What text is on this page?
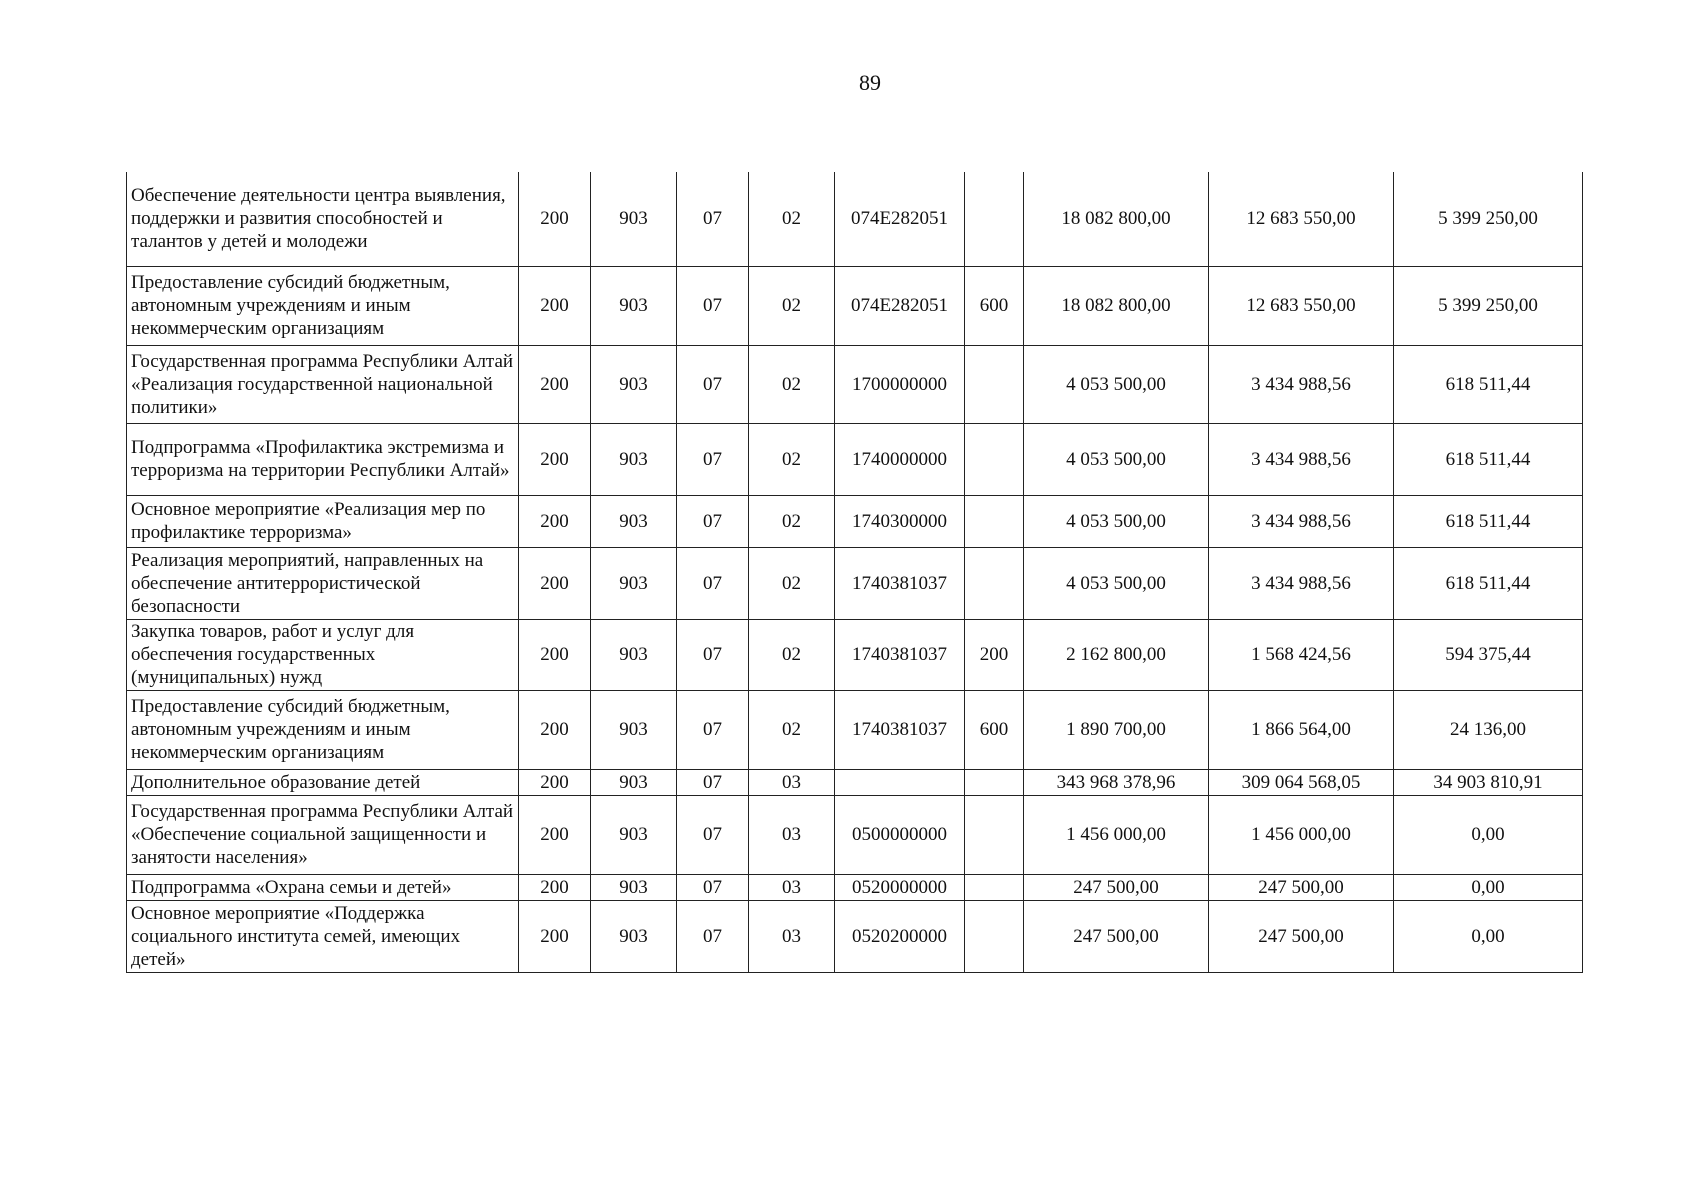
89
Обеспечение деятельности центра выявления, поддержки и развития способностей и талантов у детей и молодежи	200	903	07	02	074E282051		18 082 800,00	12 683 550,00	5 399 250,00
Предоставление субсидий бюджетным, автономным учреждениям и иным некоммерческим организациям	200	903	07	02	074E282051	600	18 082 800,00	12 683 550,00	5 399 250,00
Государственная программа Республики Алтай «Реализация государственной национальной политики»	200	903	07	02	1700000000		4 053 500,00	3 434 988,56	618 511,44
Подпрограмма «Профилактика экстремизма и терроризма на территории Республики Алтай»	200	903	07	02	1740000000		4 053 500,00	3 434 988,56	618 511,44
Основное мероприятие «Реализация мер по профилактике терроризма»	200	903	07	02	1740300000		4 053 500,00	3 434 988,56	618 511,44
Реализация мероприятий, направленных на обеспечение антитеррористической безопасности	200	903	07	02	1740381037		4 053 500,00	3 434 988,56	618 511,44
Закупка товаров, работ и услуг для обеспечения государственных (муниципальных) нужд	200	903	07	02	1740381037	200	2 162 800,00	1 568 424,56	594 375,44
Предоставление субсидий бюджетным, автономным учреждениям и иным некоммерческим организациям	200	903	07	02	1740381037	600	1 890 700,00	1 866 564,00	24 136,00
Дополнительное образование детей	200	903	07	03			343 968 378,96	309 064 568,05	34 903 810,91
Государственная программа Республики Алтай «Обеспечение социальной защищенности и занятости населения»	200	903	07	03	0500000000		1 456 000,00	1 456 000,00	0,00
Подпрограмма «Охрана семьи и детей»	200	903	07	03	0520000000		247 500,00	247 500,00	0,00
Основное мероприятие «Поддержка социального института семей, имеющих детей»	200	903	07	03	0520200000		247 500,00	247 500,00	0,00
